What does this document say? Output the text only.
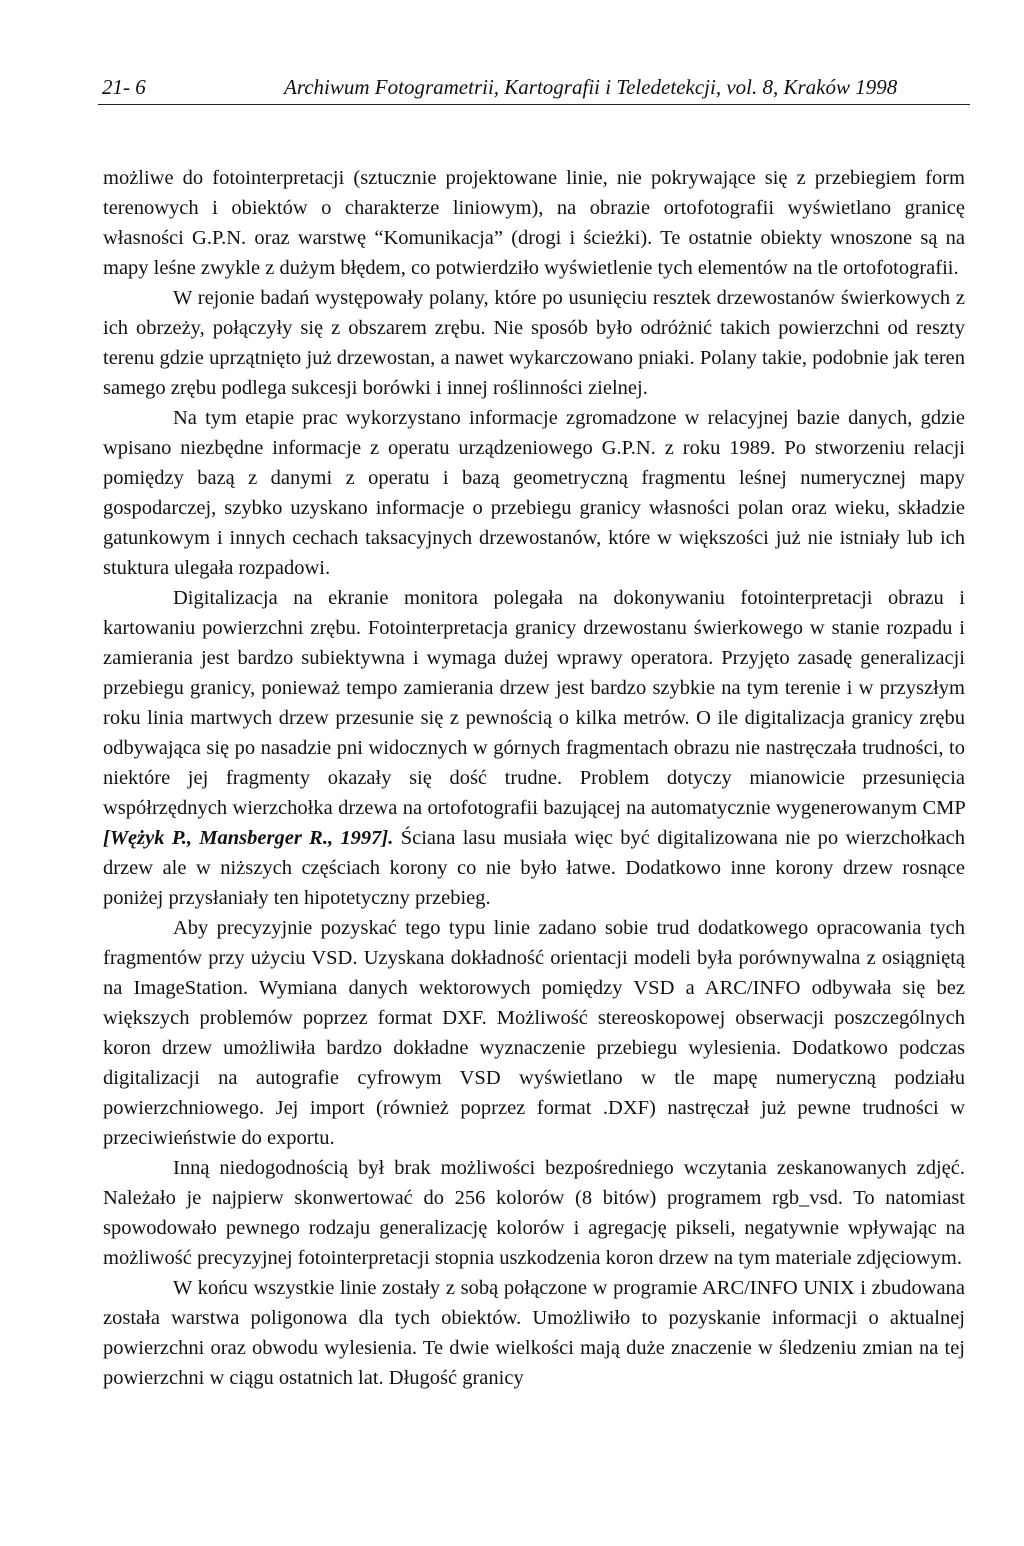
21- 6	Archiwum Fotogrametrii, Kartografii i Teledetekcji, vol. 8, Kraków 1998

możliwe do fotointerpretacji (sztucznie projektowane linie, nie pokrywające się z przebiegiem form terenowych i obiektów o charakterze liniowym), na obrazie ortofotografii wyświetlano granicę własności G.P.N. oraz warstwę “Komunikacja” (drogi i ścieżki). Te ostatnie obiekty wnoszone są na mapy leśne zwykle z dużym błędem, co potwierdziło wyświetlenie tych elementów na tle ortofotografii.

W rejonie badań występowały polany, które po usunięciu resztek drzewostanów świerkowych z ich obrzeży, połączyły się z obszarem zrębu. Nie sposób było odróżnić takich powierzchni od reszty terenu gdzie uprzątnięto już drzewostan, a nawet wykarczowano pniaki. Polany takie, podobnie jak teren samego zrębu podlega sukcesji borówki i innej roślinności zielnej.

Na tym etapie prac wykorzystano informacje zgromadzone w relacyjnej bazie danych, gdzie wpisano niezbędne informacje z operatu urządzeniowego G.P.N. z roku 1989. Po stworzeniu relacji pomiędzy bazą z danymi z operatu i bazą geometryczną fragmentu leśnej numerycznej mapy gospodarczej, szybko uzyskano informacje o przebiegu granicy własności polan oraz wieku, składzie gatunkowym i innych cechach taksacyjnych drzewostanów, które w większości już nie istniały lub ich stuktura ulegała rozpadowi.

Digitalizacja na ekranie monitora polegała na dokonywaniu fotointerpretacji obrazu i kartowaniu powierzchni zrębu. Fotointerpretacja granicy drzewostanu świerkowego w stanie rozpadu i zamierania jest bardzo subiektywna i wymaga dużej wprawy operatora. Przyjęto zasadę generalizacji przebiegu granicy, ponieważ tempo zamierania drzew jest bardzo szybkie na tym terenie i w przyszłym roku linia martwych drzew przesunie się z pewnością o kilka metrów. O ile digitalizacja granicy zrębu odbywająca się po nasadzie pni widocznych w górnych fragmentach obrazu nie nastręczała trudności, to niektóre jej fragmenty okazały się dość trudne. Problem dotyczy mianowicie przesunięcia współrzędnych wierzchołka drzewa na ortofotografii bazującej na automatycznie wygenerowanym CMP [Wężyk P., Mansberger R., 1997]. Ściana lasu musiała więc być digitalizowana nie po wierzchołkach drzew ale w niższych częściach korony co nie było łatwe. Dodatkowo inne korony drzew rosnące poniżej przysłaniały ten hipotetyczny przebieg.

Aby precyzyjnie pozyskać tego typu linie zadano sobie trud dodatkowego opracowania tych fragmentów przy użyciu VSD. Uzyskana dokładność orientacji modeli była porównywalna z osiągniętą na ImageStation. Wymiana danych wektorowych pomiędzy VSD a ARC/INFO odbywała się bez większych problemów poprzez format DXF. Możliwość stereoskopowej obserwacji poszczególnych koron drzew umożliwiła bardzo dokładne wyznaczenie przebiegu wylesienia. Dodatkowo podczas digitalizacji na autografie cyfrowym VSD wyświetlano w tle mapę numeryczną podziału powierzchniowego. Jej import (również poprzez format .DXF) nastręczał już pewne trudności w przeciwieństwie do exportu.

Inną niedogodnością był brak możliwości bezpośredniego wczytania zeskanowanych zdjęć. Należało je najpierw skonwertować do 256 kolorów (8 bitów) programem rgb_vsd. To natomiast spowodowało pewnego rodzaju generalizację kolorów i agregację pikseli, negatywnie wpływając na możliwość precyzyjnej fotointerpretacji stopnia uszkodzenia koron drzew na tym materiale zdjęciowym.

W końcu wszystkie linie zostały z sobą połączone w programie ARC/INFO UNIX i zbudowana została warstwa poligonowa dla tych obiektów. Umożliwiło to pozyskanie informacji o aktualnej powierzchni oraz obwodu wylesienia. Te dwie wielkości mają duże znaczenie w śledzeniu zmian na tej powierzchni w ciągu ostatnich lat. Długość granicy
